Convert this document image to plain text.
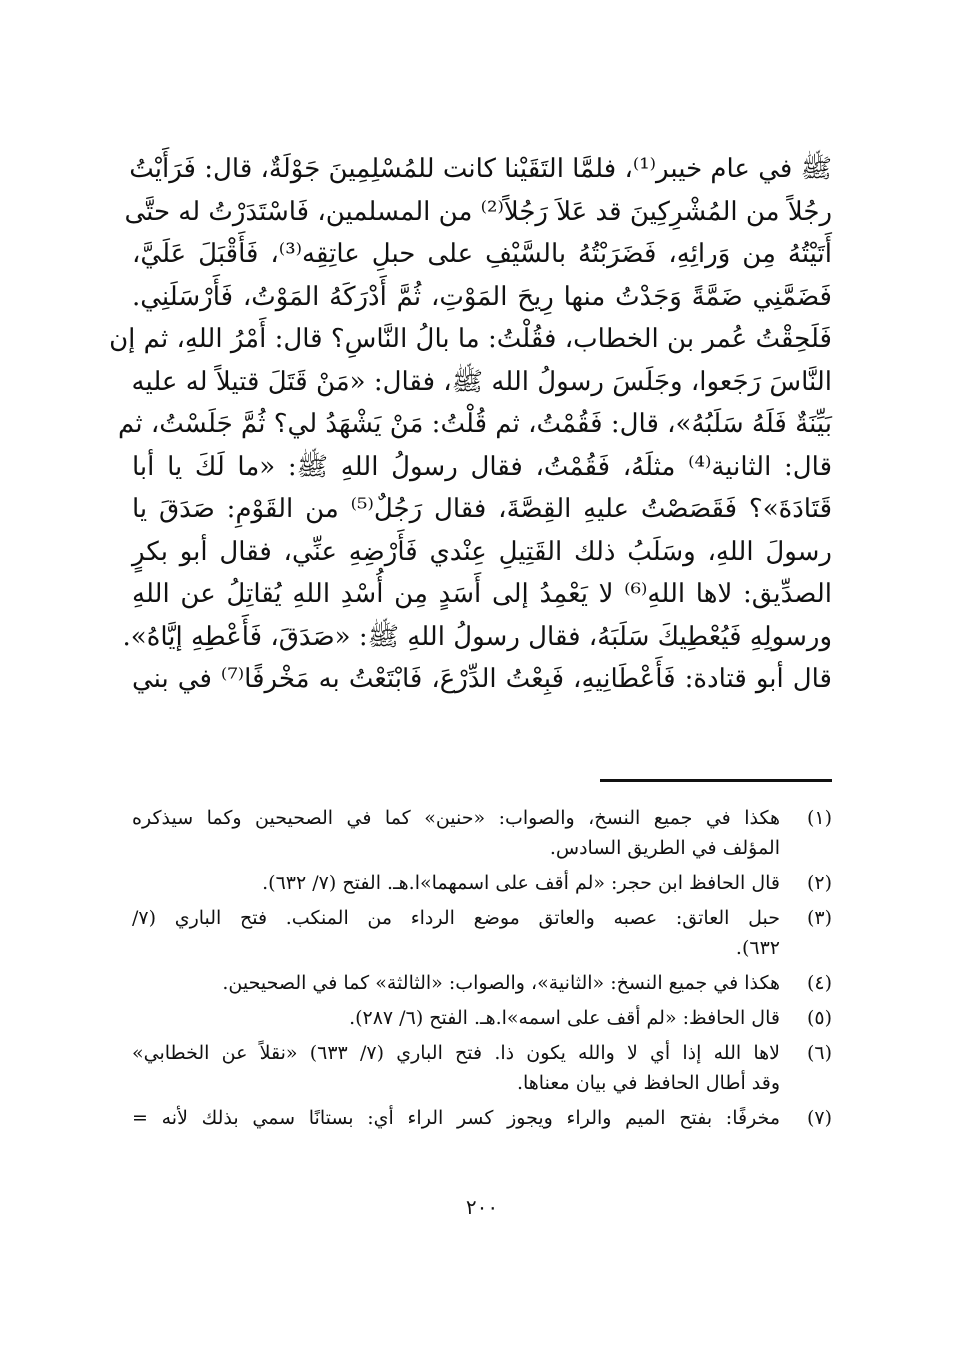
ﷺ في عام خيبر⁽¹⁾، فلمَّا التَقَيْنا كانت للمُسْلِمِينَ جَوْلَةٌ، قال: فَرَأَيْتُ
رجُلاً من المُشْرِكِينَ قد عَلاَ رَجُلاً⁽²⁾ من المسلمين، فَاسْتَدَرْتُ له حتَّى
أَتَيْتُهُ مِن وَرائِهِ، فَضَرَبْتُهُ بالسَّيْفِ على حبلِ عاتِقِه⁽³⁾، فَأَقْبَلَ عَلَيَّ،
فَضَمَّنِي ضَمَّةً وَجَدْتُ منها رِيحَ المَوْتِ، ثُمَّ أَدْرَكَهُ المَوْتُ، فَأَرْسَلَنِي.
فَلَحِقْتُ عُمر بن الخطاب، فقُلْتُ: ما بالُ النَّاسِ؟ قال: أَمْرُ اللهِ، ثم إن
النَّاسَ رَجَعوا، وجَلَسَ رسولُ الله ﷺ، فقال: «مَنْ قَتَلَ قتيلاً له عليه
بَيِّنَةٌ فَلَهُ سَلَبُهُ»، قال: فَقُمْتُ، ثم قُلْتُ: مَنْ يَشْهَدُ لي؟ ثُمَّ جَلَسْتُ، ثم
قال: الثانية⁽⁴⁾ مثلَهُ، فَقُمْتُ، فقال رسولُ اللهِ ﷺ: «ما لَكَ يا أبا
قَتَادَةَ»؟ فَقَصَصْتُ عليهِ القِصَّةَ، فقال رَجُلٌ⁽⁵⁾ من القَوْمِ: صَدَقَ يا
رسولَ اللهِ، وسَلَبُ ذلك القَتِيلِ عِنْدي فَأَرْضِهِ عنِّي، فقال أبو بكرٍ
الصدِّيق: لاها اللهِ⁽⁶⁾ لا يَعْمِدُ إلى أَسَدٍ مِن أُسْدِ اللهِ يُقاتِلُ عن اللهِ
ورسولِهِ فَيُعْطِيكَ سَلَبَهُ، فقال رسولُ اللهِ ﷺ: «صَدَقَ، فَأَعْطِهِ إيَّاهُ».
قال أبو قتادة: فَأَعْطَانِيهِ، فَبِعْتُ الدِّرْعَ، فَابْتَعْتُ به مَخْرفًا⁽⁷⁾ في بني
(١)
هكذا في جميع النسخ، والصواب: «حنين» كما في الصحيحين وكما سيذكره
المؤلف في الطريق السادس.
(٢)
قال الحافظ ابن حجر: «لم أقف على اسمهما»ا.هـ. الفتح (٧/ ٦٣٢).
(٣)
حبل العاتق: عصبه والعاتق موضع الرداء من المنكب. فتح الباري (٧/
٦٣٢).
(٤)
هكذا في جميع النسخ: «الثانية»، والصواب: «الثالثة» كما في الصحيحين.
(٥)
قال الحافظ: «لم أقف على اسمه»ا.هـ. الفتح (٦/ ٢٨٧).
(٦)
لاها الله إذا أي لا والله يكون ذا. فتح الباري (٧/ ٦٣٣) «نقلاً عن الخطابي»
وقد أطال الحافظ في بيان معناها.
(٧)
مخرفًا: بفتح الميم والراء ويجوز كسر الراء أي: بستانًا سمي بذلك لأنه =
٢٠٠
